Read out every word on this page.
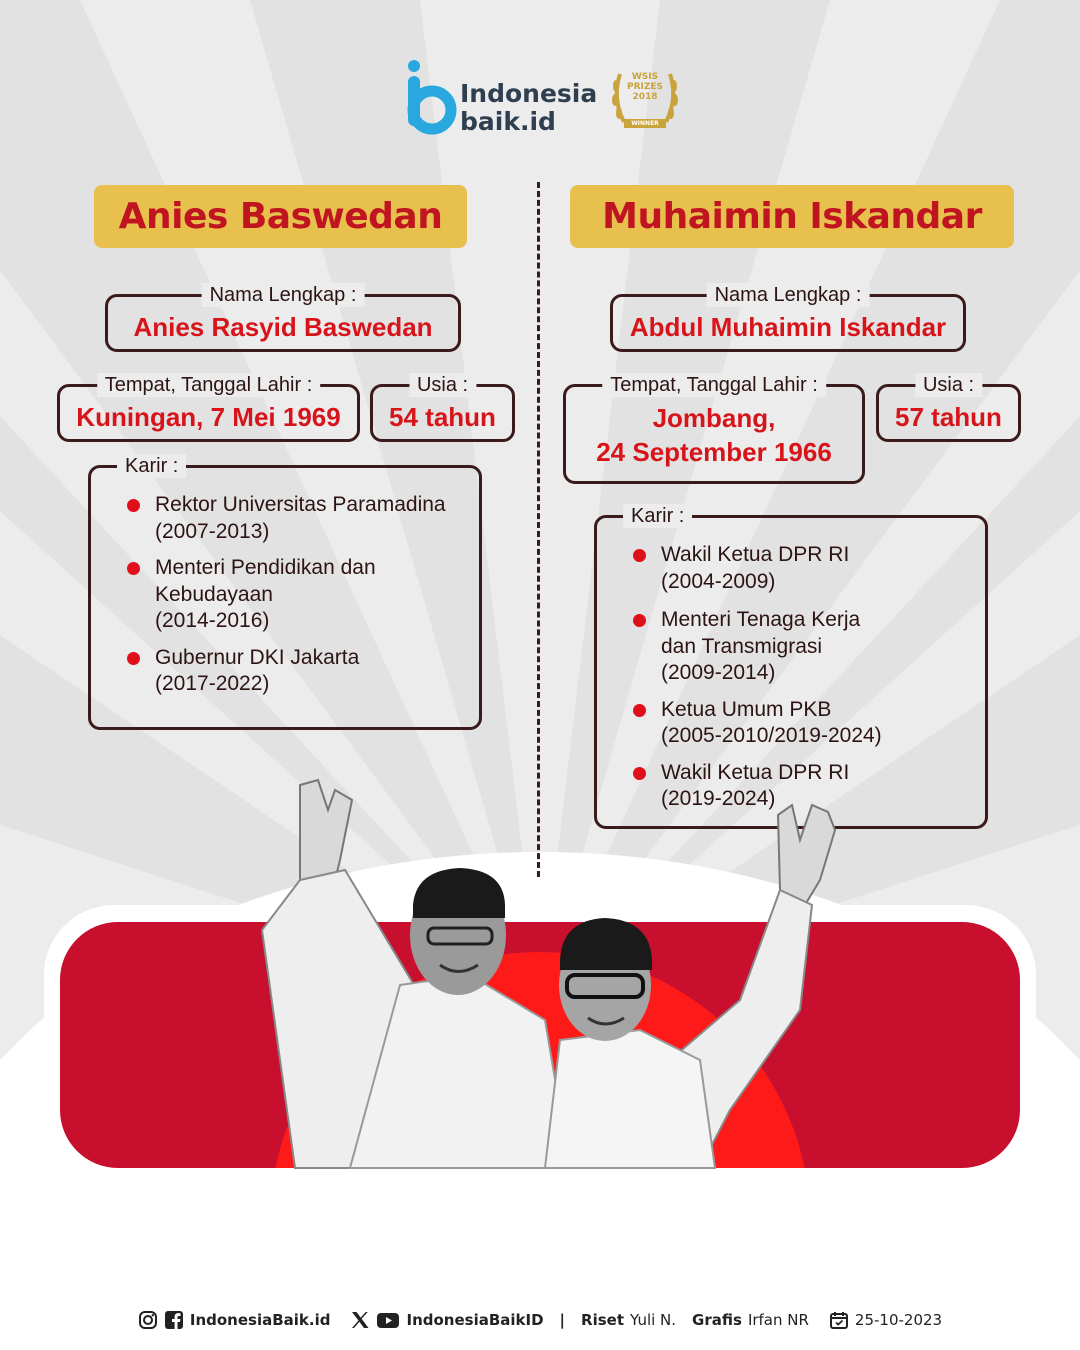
Indonesia
baik.id
WSIS
PRIZES
2018
WINNER
Anies Baswedan
Nama Lengkap :
Anies Rasyid Baswedan
Tempat, Tanggal Lahir :
Kuningan, 7 Mei 1969
Usia :
54 tahun
Karir :
Rektor Universitas Paramadina
(2007-2013)
Menteri Pendidikan dan
Kebudayaan
(2014-2016)
Gubernur DKI Jakarta
(2017-2022)
Muhaimin Iskandar
Nama Lengkap :
Abdul Muhaimin Iskandar
Tempat, Tanggal Lahir :
Jombang,
24 September 1966
Usia :
57 tahun
Karir :
Wakil Ketua DPR RI
(2004-2009)
Menteri Tenaga Kerja
dan Transmigrasi
(2009-2014)
Ketua Umum PKB
(2005-2010/2019-2024)
Wakil Ketua DPR RI
(2019-2024)
IndonesiaBaik.id	IndonesiaBaikID | Riset Yuli N. Grafis Irfan NR	25-10-2023
